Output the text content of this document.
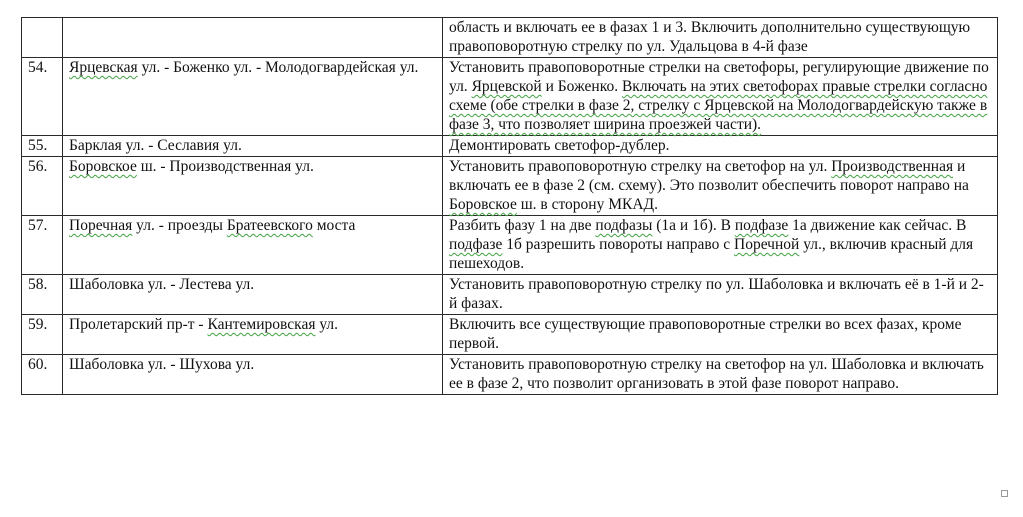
		область и включать ее в фазах 1 и 3. Включить дополнительно существующую правоповоротную стрелку по ул. Удальцова в 4-й фазе
54.	Ярцевская ул. - Боженко ул. - Молодогвардейская ул.	Установить правоповоротные стрелки на светофоры, регулирующие движение по ул. Ярцевской и Боженко. Включать на этих светофорах правые стрелки согласно схеме (обе стрелки в фазе 2, стрелку с Ярцевской на Молодогвардейскую также в фазе 3, что позволяет ширина проезжей части).
55.	Барклая ул. - Сеславия ул.	Демонтировать светофор-дублер.
56.	Боровское ш. - Производственная ул.	Установить правоповоротную стрелку на светофор на ул. Производственная и включать ее в фазе 2 (см. схему). Это позволит обеспечить поворот направо на Боровское ш. в сторону МКАД.
57.	Поречная ул. - проезды Братеевского моста	Разбить фазу 1 на две подфазы (1а и 1б). В подфазе 1а движение как сейчас. В подфазе 1б разрешить повороты направо с Поречной ул., включив красный для пешеходов.
58.	Шаболовка ул. - Лестева ул.	Установить правоповоротную стрелку по ул. Шаболовка и включать её в 1-й и 2-й фазах.
59.	Пролетарский пр-т - Кантемировская ул.	Включить все существующие правоповоротные стрелки во всех фазах, кроме первой.
60.	Шаболовка ул. - Шухова ул.	Установить правоповоротную стрелку на светофор на ул. Шаболовка и включать ее в фазе 2, что позволит организовать в этой фазе поворот направо.
